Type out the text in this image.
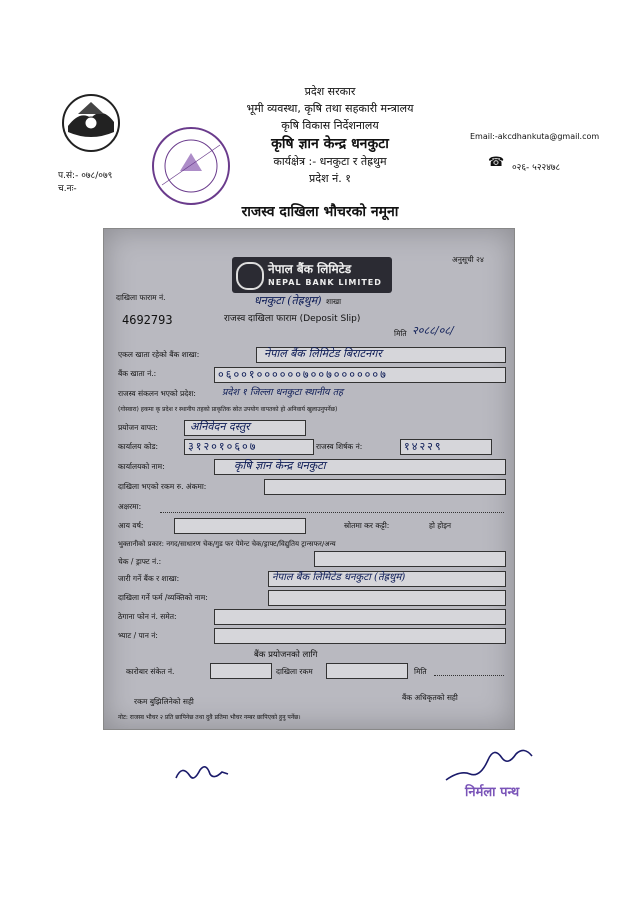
प्रदेश सरकार
भूमी व्यवस्था, कृषि तथा सहकारी मन्त्रालय
कृषि विकास निर्देशनालय
कृषि ज्ञान केन्द्र धनकुटा
कार्यक्षेत्र :- धनकुटा र तेह्रथुम
प्रदेश नं. १
प.सं:- ०७८/०७९
च.नः-
Email:-akcdhankuta@gmail.com
☎ ०२६- ५२२४७८
राजस्व दाखिला भौचरको नमूना
अनुसूची २४
नेपाल बैंक लिमिटेड
NEPAL BANK LIMITED
दाखिला फाराम नं.
4692793
धनकुटा (तेह्रथुम) शाखा
राजस्व दाखिला फाराम (Deposit Slip)
मिति २०८८/०८/
एकल खाता रहेको बैंक शाखा:	नेपाल बैंक लिमिटेड बिराटनगर
बैंक खाता नं.:	०६००१००००००७००७००००००७
राजस्व संकलन भएको प्रदेश:	प्रदेश १ जिल्ला धनकुटा स्थानीय तह
(गोस्वारा) हकमा कृ प्रदेश र स्थानीय तहको प्राकृतिक स्रोत उपयोग वापतको हो अनिवार्य खुलाउनुपर्नेछ)
प्रयोजन वापत:	अनिवेदन दस्तुर
कार्यालय कोड:	३१२०१०६०७	राजस्व शिर्षक नं:	१४२२९
कार्यालयको नाम:	कृषि ज्ञान केन्द्र धनकुटा
दाखिला भएको रकम रु. अंकमा:
अक्षरमा:
आय वर्ष:	स्रोतमा कर कट्टी:	हो होइन
भुक्तानीको प्रकार: नगद/साधारण चेक/गुड फर पेमेन्ट चेक/ड्राफ्ट/विद्युतिय ट्रान्सफर/अन्य
चेक / ड्राफ्ट नं.:
जारी गर्ने बैंक र शाखा:	नेपाल बैंक लिमिटेड धनकुटा (तेह्रथुम)
दाखिला गर्ने फर्म /व्यक्तिको नाम:
ठेगाना फोन नं. समेत:
भ्याट / पान नं:
बैंक प्रयोजनको लागि
कारोबार संकेत नं.	दाखिला रकम	मिति
रकम बुझिलिनेको सही	बैंक अधिकृतको सही
नोट: राजस्व भौचर २ प्रति छापिनेछ तथा दुवै प्रतिमा भौचर नम्बर छापिएको हुनु पर्नेछ।
निर्मला पन्थ
